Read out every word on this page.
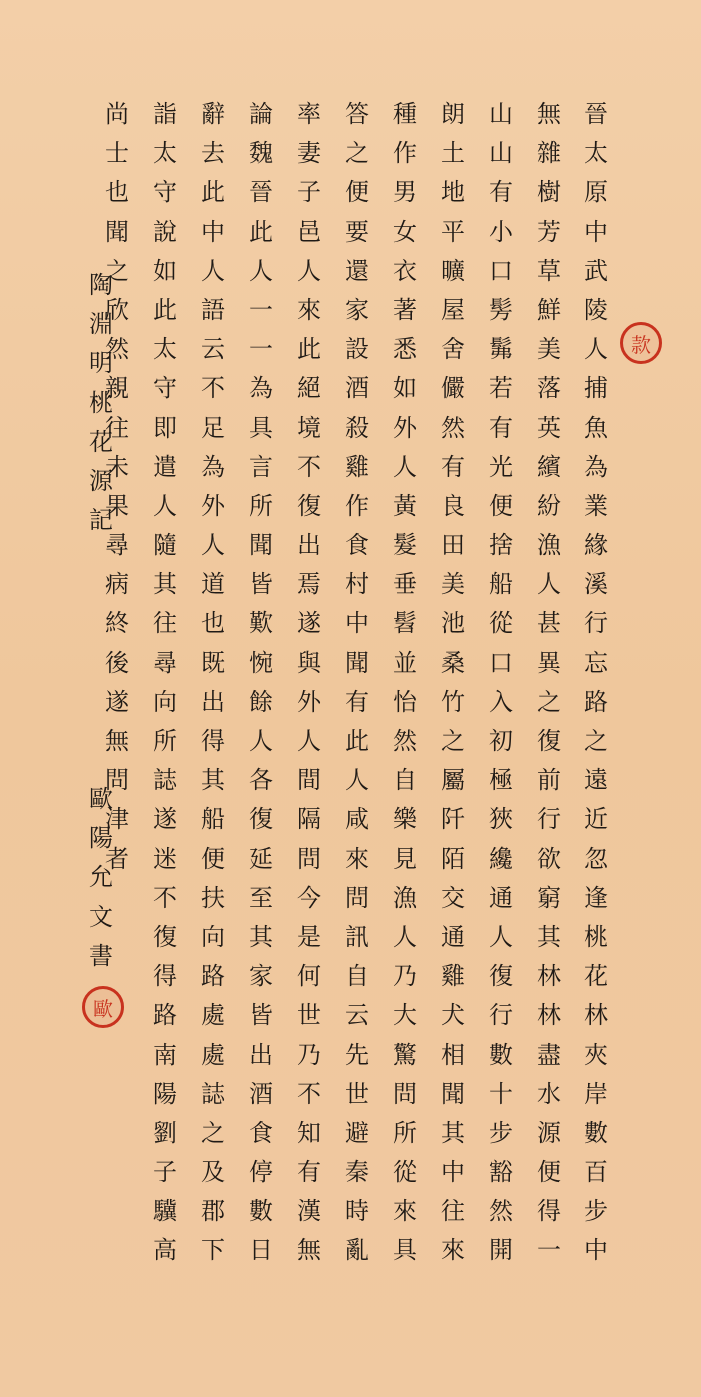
晉
太
原
中
武
陵
人
捕
魚
為
業
緣
溪
行
忘
路
之
遠
近
忽
逢
桃
花
林
夾
岸
數
百
步
中
無
雜
樹
芳
草
鮮
美
落
英
繽
紛
漁
人
甚
異
之
復
前
行
欲
窮
其
林
林
盡
水
源
便
得
一
山
山
有
小
口
髣
髴
若
有
光
便
捨
船
從
口
入
初
極
狹
纔
通
人
復
行
數
十
步
豁
然
開
朗
土
地
平
曠
屋
舍
儼
然
有
良
田
美
池
桑
竹
之
屬
阡
陌
交
通
雞
犬
相
聞
其
中
往
來
種
作
男
女
衣
著
悉
如
外
人
黃
髮
垂
髫
並
怡
然
自
樂
見
漁
人
乃
大
驚
問
所
從
來
具
答
之
便
要
還
家
設
酒
殺
雞
作
食
村
中
聞
有
此
人
咸
來
問
訊
自
云
先
世
避
秦
時
亂
率
妻
子
邑
人
來
此
絕
境
不
復
出
焉
遂
與
外
人
間
隔
問
今
是
何
世
乃
不
知
有
漢
無
論
魏
晉
此
人
一
一
為
具
言
所
聞
皆
歎
惋
餘
人
各
復
延
至
其
家
皆
出
酒
食
停
數
日
辭
去
此
中
人
語
云
不
足
為
外
人
道
也
既
出
得
其
船
便
扶
向
路
處
處
誌
之
及
郡
下
詣
太
守
說
如
此
太
守
即
遣
人
隨
其
往
尋
向
所
誌
遂
迷
不
復
得
路
南
陽
劉
子
驥
高
尚
士
也
聞
之
欣
然
親
往
未
果
尋
病
終
後
遂
無
問
津
者
陶
淵
明
桃
花
源
記
歐
陽
允
文
書
款
歐
